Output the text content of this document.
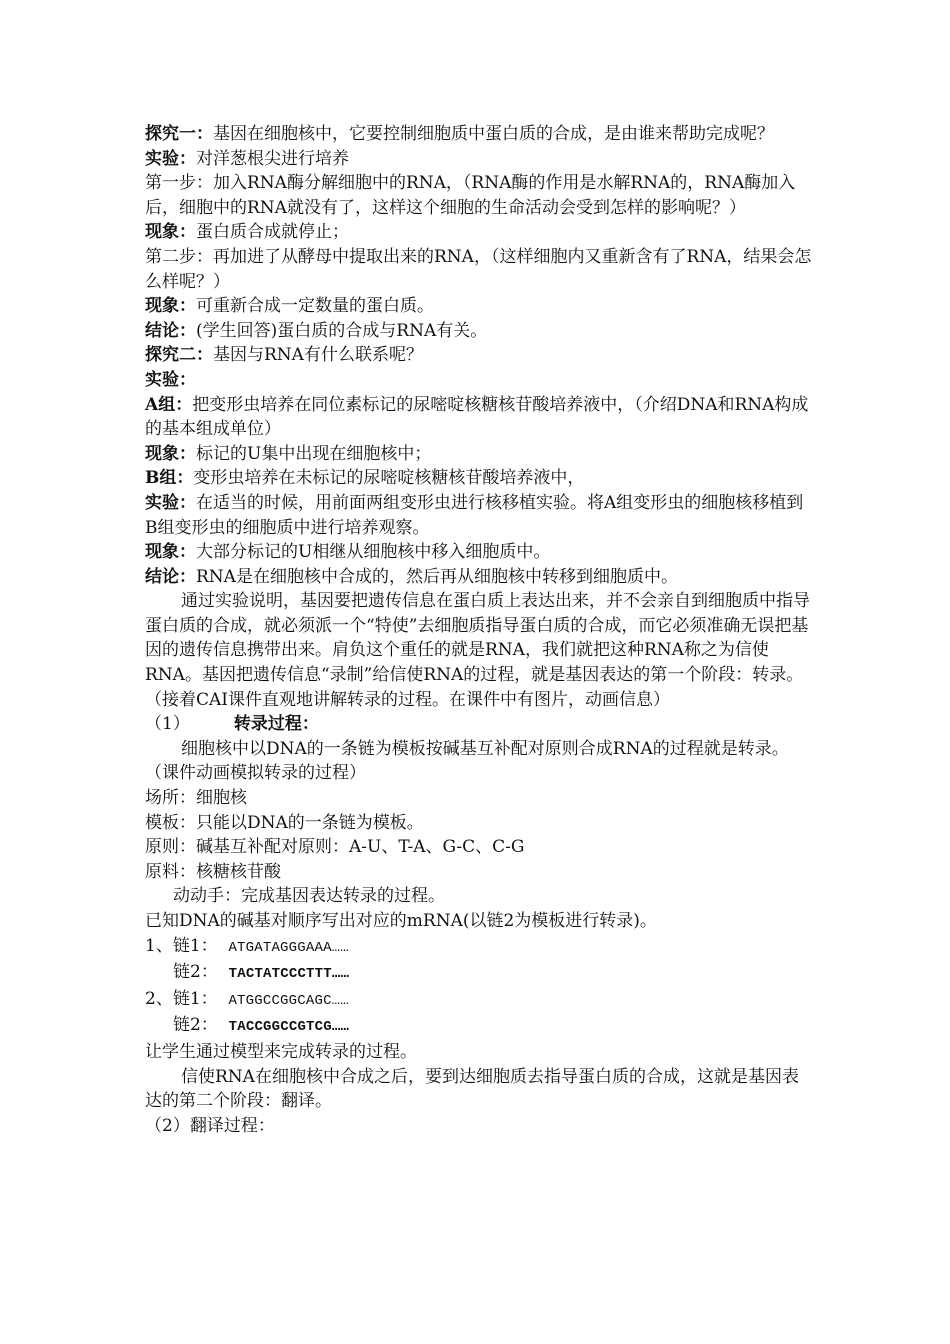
探究一：基因在细胞核中，它要控制细胞质中蛋白质的合成，是由谁来帮助完成呢？

实验：对洋葱根尖进行培养

第一步：加入RNA酶分解细胞中的RNA，（RNA酶的作用是水解RNA的，RNA酶加入后，细胞中的RNA就没有了，这样这个细胞的生命活动会受到怎样的影响呢？）

现象：蛋白质合成就停止；

第二步：再加进了从酵母中提取出来的RNA，（这样细胞内又重新含有了RNA，结果会怎么样呢？）

现象：可重新合成一定数量的蛋白质。

结论：(学生回答)蛋白质的合成与RNA有关。

探究二：基因与RNA有什么联系呢？

实验：

A组：把变形虫培养在同位素标记的尿嘧啶核糖核苷酸培养液中，（介绍DNA和RNA构成的基本组成单位）

现象：标记的U集中出现在细胞核中；

B组：变形虫培养在未标记的尿嘧啶核糖核苷酸培养液中，

实验：在适当的时候，用前面两组变形虫进行核移植实验。将A组变形虫的细胞核移植到B组变形虫的细胞质中进行培养观察。

现象：大部分标记的U相继从细胞核中移入细胞质中。

结论：RNA是在细胞核中合成的，然后再从细胞核中转移到细胞质中。

通过实验说明，基因要把遗传信息在蛋白质上表达出来，并不会亲自到细胞质中指导蛋白质的合成，就必须派一个“特使”去细胞质指导蛋白质的合成，而它必须准确无误把基因的遗传信息携带出来。肩负这个重任的就是RNA，我们就把这种RNA称之为信使RNA。基因把遗传信息“录制”给信使RNA的过程，就是基因表达的第一个阶段：转录。

（接着CAI课件直观地讲解转录的过程。在课件中有图片，动画信息）

（1）	转录过程：

细胞核中以DNA的一条链为模板按碱基互补配对原则合成RNA的过程就是转录。 （课件动画模拟转录的过程）

场所：细胞核

模板：只能以DNA的一条链为模板。

原则：碱基互补配对原则：A-U、T-A、G-C、C-G

原料：核糖核苷酸

动动手：完成基因表达转录的过程。

已知DNA的碱基对顺序写出对应的mRNA(以链2为模板进行转录)。

1、链1： ATGATAGGGAAA……

链2： TACTATCCCTTT……

2、链1： ATGGCCGGCAGC……

链2： TACCGGCCGTCG……

让学生通过模型来完成转录的过程。

信使RNA在细胞核中合成之后，要到达细胞质去指导蛋白质的合成，这就是基因表达的第二个阶段：翻译。

（2）翻译过程：
